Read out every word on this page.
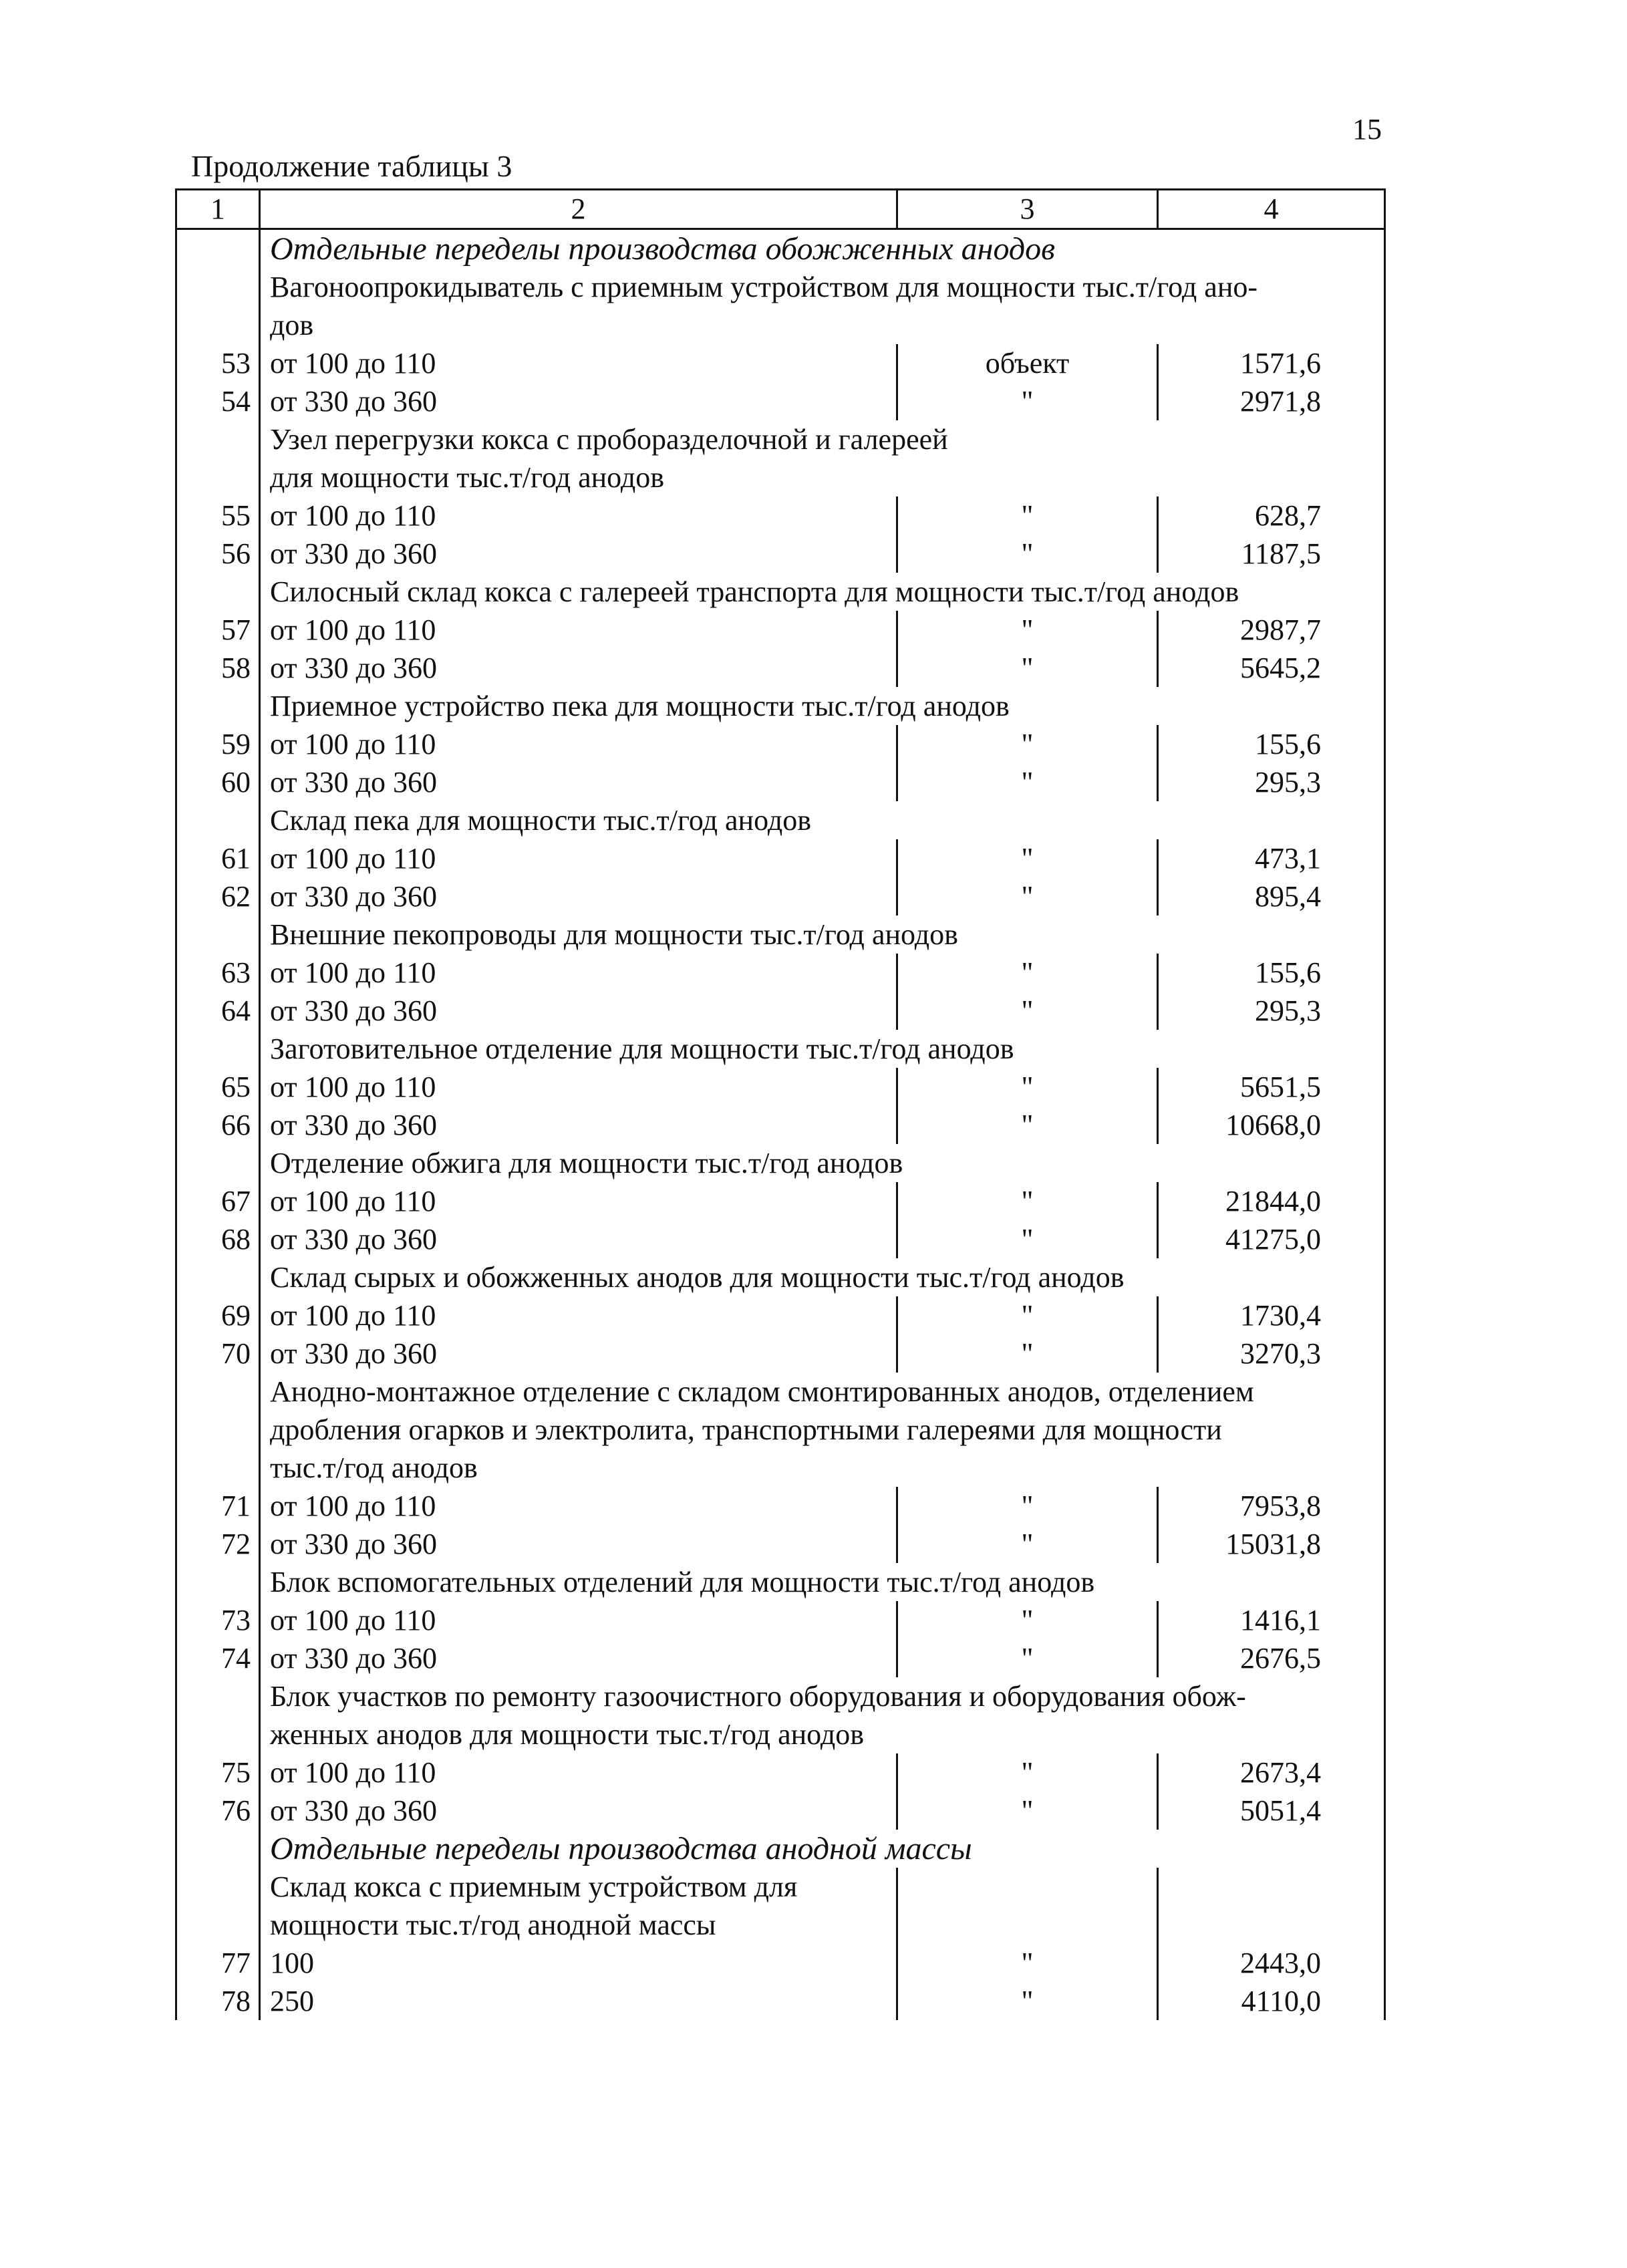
15
Продолжение таблицы 3
1	2	3	4
Отдельные переделы производства обожженных анодов
Вагоноопрокидыватель с приемным устройством для мощности тыс.т/год ано-
дов
53 от 100 до 110	объект	1571,6
54 от 330 до 360	"	2971,8
Узел перегрузки кокса с проборазделочной и галереей
для мощности тыс.т/год анодов
55 от 100 до 110	"	628,7
56 от 330 до 360	"	1187,5
Силосный склад кокса с галереей транспорта для мощности тыс.т/год анодов
57 от 100 до 110	"	2987,7
58 от 330 до 360	"	5645,2
Приемное устройство пека для мощности тыс.т/год анодов
59 от 100 до 110	"	155,6
60 от 330 до 360	"	295,3
Склад пека для мощности тыс.т/год анодов
61 от 100 до 110	"	473,1
62 от 330 до 360	"	895,4
Внешние пекопроводы для мощности тыс.т/год анодов
63 от 100 до 110	"	155,6
64 от 330 до 360	"	295,3
Заготовительное отделение для мощности тыс.т/год анодов
65 от 100 до 110	"	5651,5
66 от 330 до 360	"	10668,0
Отделение обжига для мощности тыс.т/год анодов
67 от 100 до 110	"	21844,0
68 от 330 до 360	"	41275,0
Склад сырых и обожженных анодов для мощности тыс.т/год анодов
69 от 100 до 110	"	1730,4
70 от 330 до 360	"	3270,3
Анодно-монтажное отделение с складом смонтированных анодов, отделением
дробления огарков и электролита, транспортными галереями для мощности
тыс.т/год анодов
71 от 100 до 110	"	7953,8
72 от 330 до 360	"	15031,8
Блок вспомогательных отделений для мощности тыс.т/год анодов
73 от 100 до 110	"	1416,1
74 от 330 до 360	"	2676,5
Блок участков по ремонту газоочистного оборудования и оборудования обож-
женных анодов для мощности тыс.т/год анодов
75 от 100 до 110	"	2673,4
76 от 330 до 360	"	5051,4
Отдельные переделы производства анодной массы
Склад кокса с приемным устройством для
мощности тыс.т/год анодной массы
77 100	"	2443,0
78 250	"	4110,0
